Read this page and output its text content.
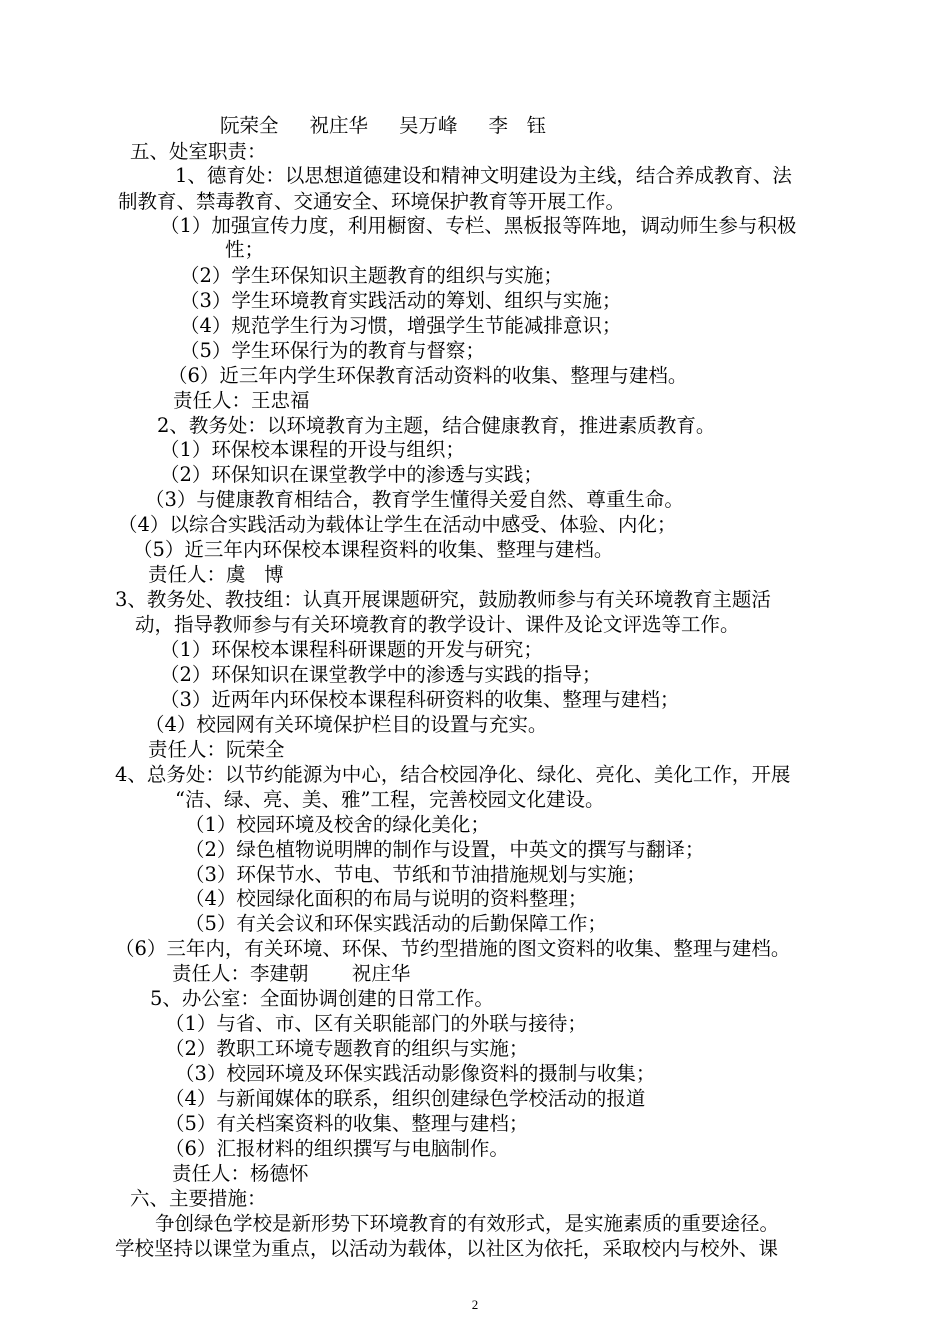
阮荣全     祝庄华     吴万峰     李   钰
五、处室职责：
1、德育处：以思想道德建设和精神文明建设为主线，结合养成教育、法
制教育、禁毒教育、交通安全、环境保护教育等开展工作。
（1）加强宣传力度，利用橱窗、专栏、黑板报等阵地，调动师生参与积极
性；
（2）学生环保知识主题教育的组织与实施；
（3）学生环境教育实践活动的筹划、组织与实施；
（4）规范学生行为习惯，增强学生节能减排意识；
（5）学生环保行为的教育与督察；
（6）近三年内学生环保教育活动资料的收集、整理与建档。
责任人：王忠福
2、教务处：以环境教育为主题，结合健康教育，推进素质教育。
（1）环保校本课程的开设与组织；
（2）环保知识在课堂教学中的渗透与实践；
（3）与健康教育相结合，教育学生懂得关爱自然、尊重生命。
（4）以综合实践活动为载体让学生在活动中感受、体验、内化；
（5）近三年内环保校本课程资料的收集、整理与建档。
责任人：虞   博
3、教务处、教技组：认真开展课题研究，鼓励教师参与有关环境教育主题活
动，指导教师参与有关环境教育的教学设计、课件及论文评选等工作。
（1）环保校本课程科研课题的开发与研究；
（2）环保知识在课堂教学中的渗透与实践的指导；
（3）近两年内环保校本课程科研资料的收集、整理与建档；
（4）校园网有关环境保护栏目的设置与充实。
责任人：阮荣全
4、总务处：以节约能源为中心，结合校园净化、绿化、亮化、美化工作，开展
“洁、绿、亮、美、雅”工程，完善校园文化建设。
（1）校园环境及校舍的绿化美化；
（2）绿色植物说明牌的制作与设置，中英文的撰写与翻译；
（3）环保节水、节电、节纸和节油措施规划与实施；
（4）校园绿化面积的布局与说明的资料整理；
（5）有关会议和环保实践活动的后勤保障工作；
（6）三年内，有关环境、环保、节约型措施的图文资料的收集、整理与建档。
责任人：李建朝       祝庄华
5、办公室：全面协调创建的日常工作。
（1）与省、市、区有关职能部门的外联与接待；
（2）教职工环境专题教育的组织与实施；
（3）校园环境及环保实践活动影像资料的摄制与收集；
（4）与新闻媒体的联系，组织创建绿色学校活动的报道
（5）有关档案资料的收集、整理与建档；
（6）汇报材料的组织撰写与电脑制作。
责任人：杨德怀
六、主要措施：
争创绿色学校是新形势下环境教育的有效形式，是实施素质的重要途径。
学校坚持以课堂为重点，以活动为载体，以社区为依托，采取校内与校外、课
2
